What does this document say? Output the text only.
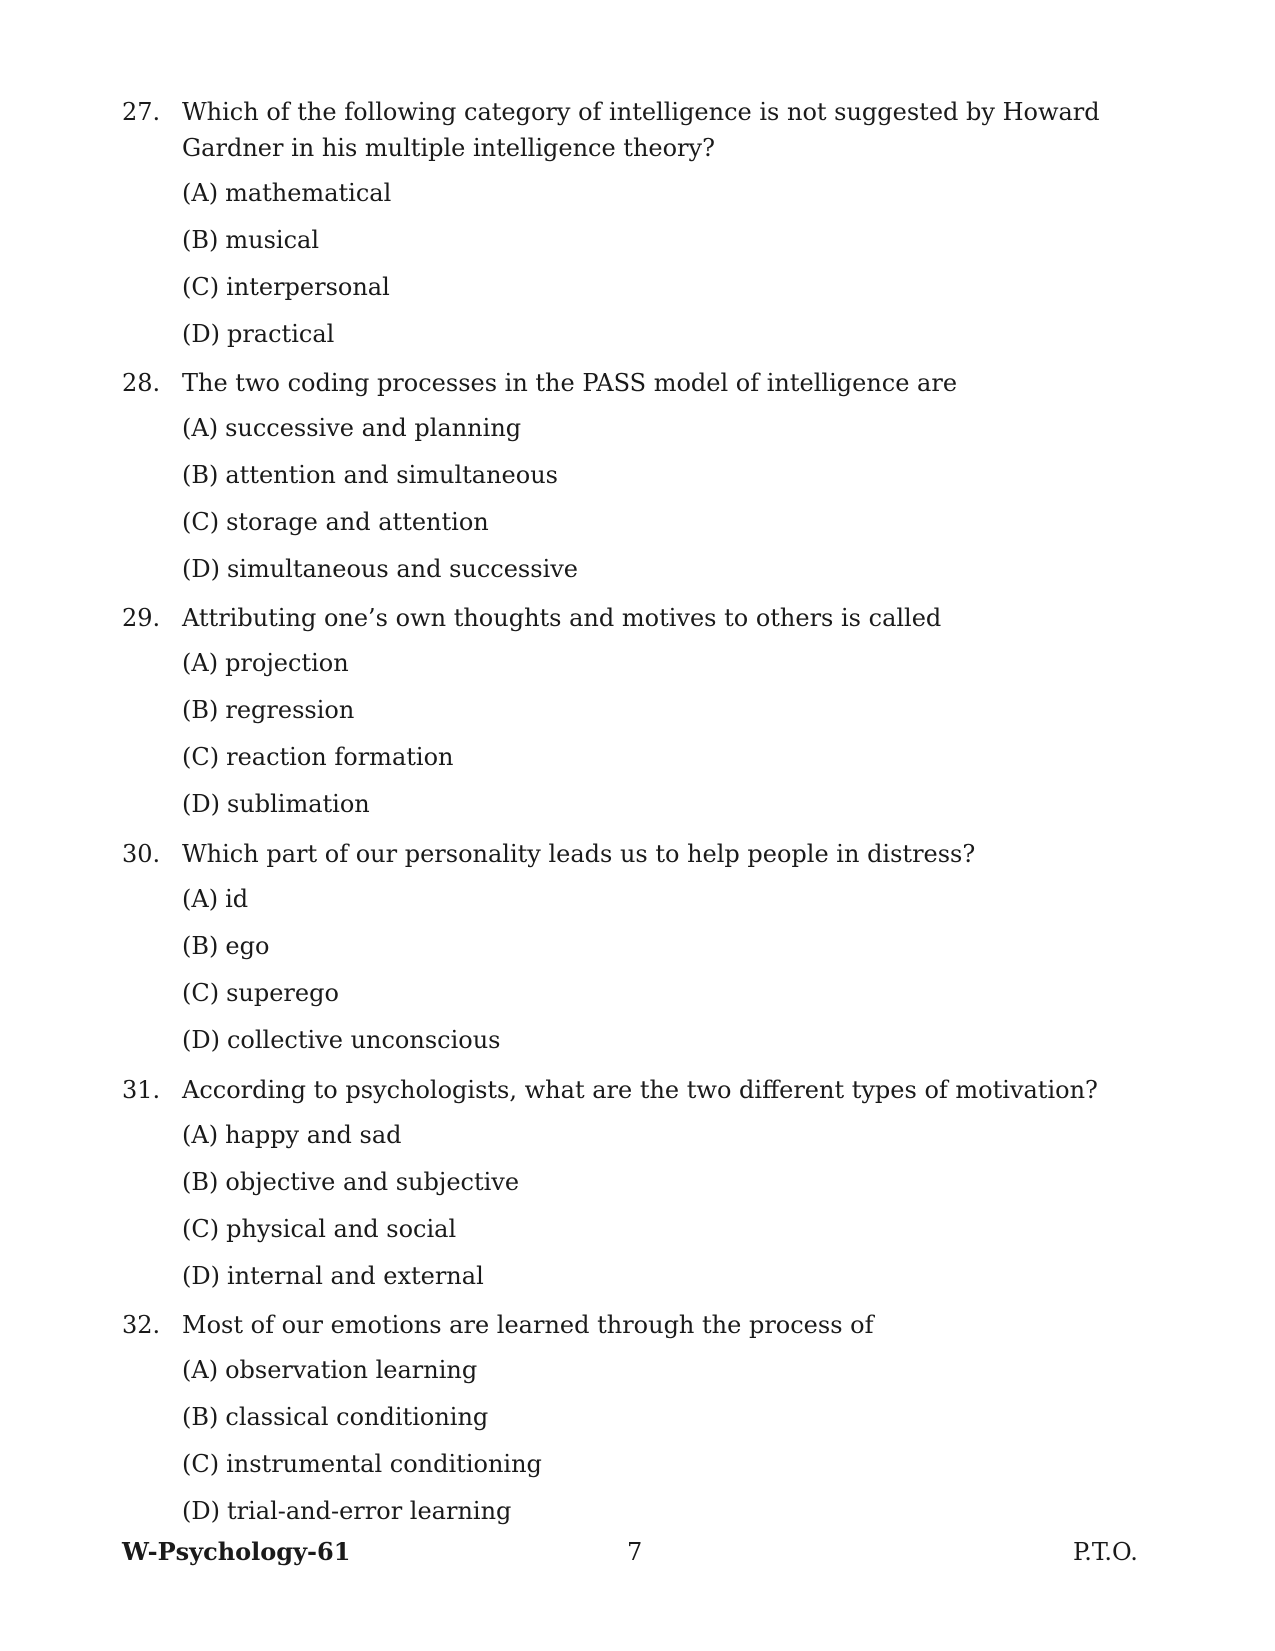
27. Which of the following category of intelligence is not suggested by Howard Gardner in his multiple intelligence theory?
(A) mathematical
(B) musical
(C) interpersonal
(D) practical
28. The two coding processes in the PASS model of intelligence are
(A) successive and planning
(B) attention and simultaneous
(C) storage and attention
(D) simultaneous and successive
29. Attributing one’s own thoughts and motives to others is called
(A) projection
(B) regression
(C) reaction formation
(D) sublimation
30. Which part of our personality leads us to help people in distress?
(A) id
(B) ego
(C) superego
(D) collective unconscious
31. According to psychologists, what are the two different types of motivation?
(A) happy and sad
(B) objective and subjective
(C) physical and social
(D) internal and external
32. Most of our emotions are learned through the process of
(A) observation learning
(B) classical conditioning
(C) instrumental conditioning
(D) trial-and-error learning
W-Psychology-61	7	P.T.O.
